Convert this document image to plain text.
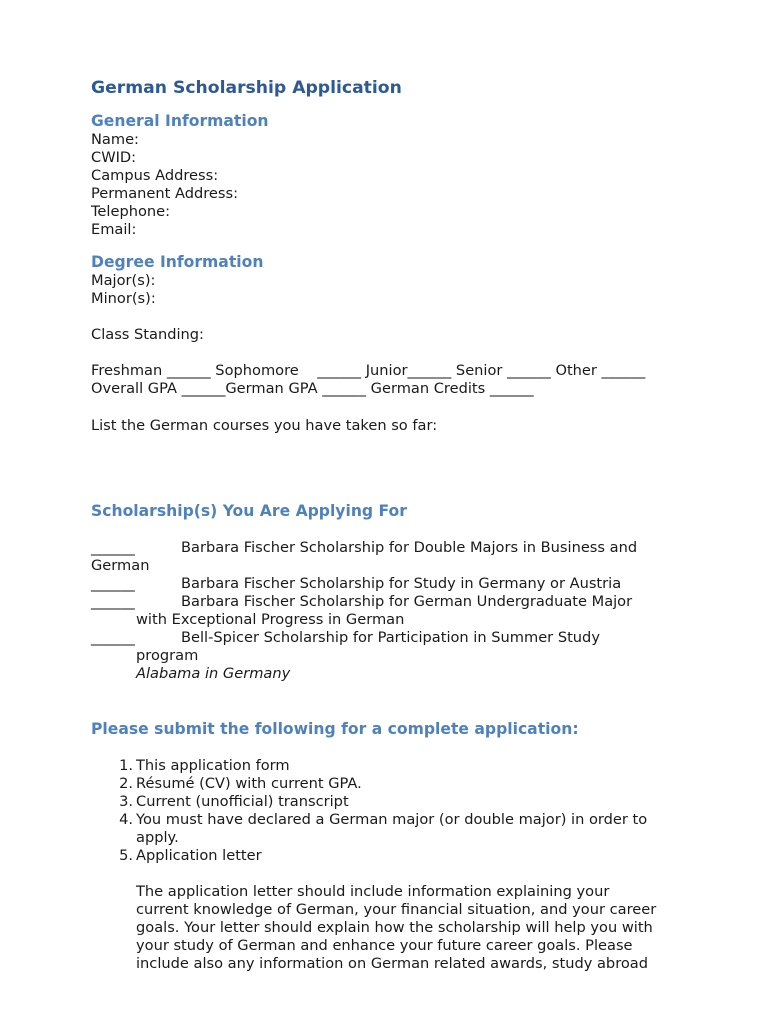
German Scholarship Application
General Information
Name:
CWID:
Campus Address:
Permanent Address:
Telephone:
Email:
Degree Information
Major(s):
Minor(s):
Class Standing:
Freshman ______ Sophomore    ______ Junior______ Senior ______ Other ______
Overall GPA ______German GPA ______ German Credits ______
List the German courses you have taken so far:
Scholarship(s) You Are Applying For
______	Barbara Fischer Scholarship for Double Majors in Business and
German
______	Barbara Fischer Scholarship for Study in Germany or Austria
______	Barbara Fischer Scholarship for German Undergraduate Major
with Exceptional Progress in German
______	Bell-Spicer Scholarship for Participation in Summer Study
program
Alabama in Germany
Please submit the following for a complete application:
1. This application form
2. Résumé (CV) with current GPA.
3. Current (unofficial) transcript
4. You must have declared a German major (or double major) in order to
apply.
5. Application letter
The application letter should include information explaining your
current knowledge of German, your financial situation, and your career
goals. Your letter should explain how the scholarship will help you with
your study of German and enhance your future career goals. Please
include also any information on German related awards, study abroad
